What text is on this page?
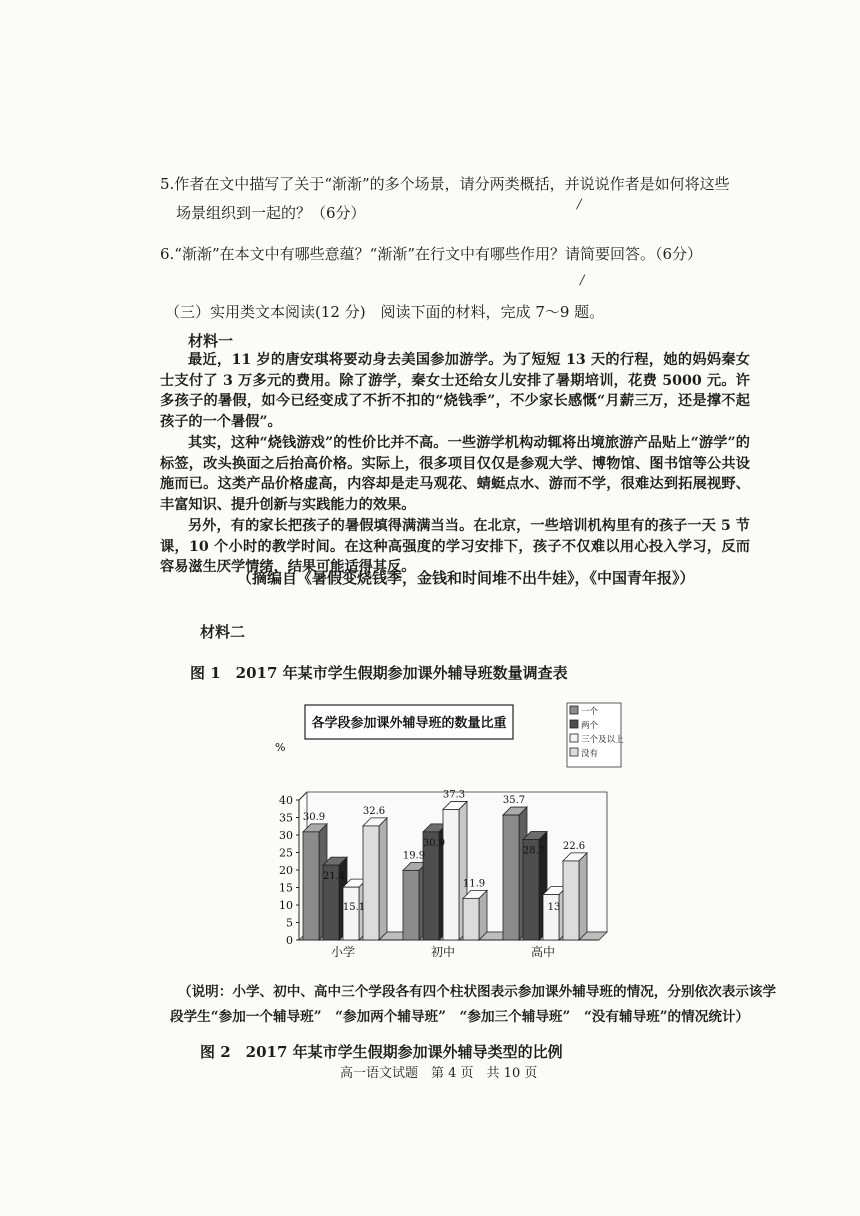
5.作者在文中描写了关于“渐渐”的多个场景，请分两类概括，并说说作者是如何将这些
场景组织到一起的？（6分）	/
6.“渐渐”在本文中有哪些意蕴？“渐渐”在行文中有哪些作用？请简要回答。（6分）
/
（三）实用类文本阅读(12 分)　阅读下面的材料，完成 7～9 题。
材料一
最近，11 岁的唐安琪将要动身去美国参加游学。为了短短 13 天的行程，她的妈妈秦女士支付了 3 万多元的费用。除了游学，秦女士还给女儿安排了暑期培训，花费 5000 元。许多孩子的暑假，如今已经变成了不折不扣的“烧钱季”，不少家长感慨“月薪三万，还是撑不起孩子的一个暑假”。
其实，这种“烧钱游戏”的性价比并不高。一些游学机构动辄将出境旅游产品贴上“游学”的标签，改头换面之后抬高价格。实际上，很多项目仅仅是参观大学、博物馆、图书馆等公共设施而已。这类产品价格虚高，内容却是走马观花、蜻蜓点水、游而不学，很难达到拓展视野、丰富知识、提升创新与实践能力的效果。
另外，有的家长把孩子的暑假填得满满当当。在北京，一些培训机构里有的孩子一天 5 节课，10 个小时的教学时间。在这种高强度的学习安排下，孩子不仅难以用心投入学习，反而容易滋生厌学情绪，结果可能适得其反。
（摘编自《暑假变烧钱季，金钱和时间堆不出牛娃》，《中国青年报》）
材料二
图 1　2017 年某市学生假期参加课外辅导班数量调查表
各学段参加课外辅导班的数量比重
%
0
5
10
15
20
25
30
35
40
30.9
21.4
15.1
32.6
小学
19.9
30.9
37.3
11.9
初中
35.7
28.7
13
22.6
高中
一个
两个
三个及以上
没有
（说明：小学、初中、高中三个学段各有四个柱状图表示参加课外辅导班的情况，分别依次表示该学
段学生“参加一个辅导班”　“参加两个辅导班”　“参加三个辅导班”　“没有辅导班”的情况统计）
图 2　2017 年某市学生假期参加课外辅导类型的比例
高一语文试题　第 4 页　共 10 页
